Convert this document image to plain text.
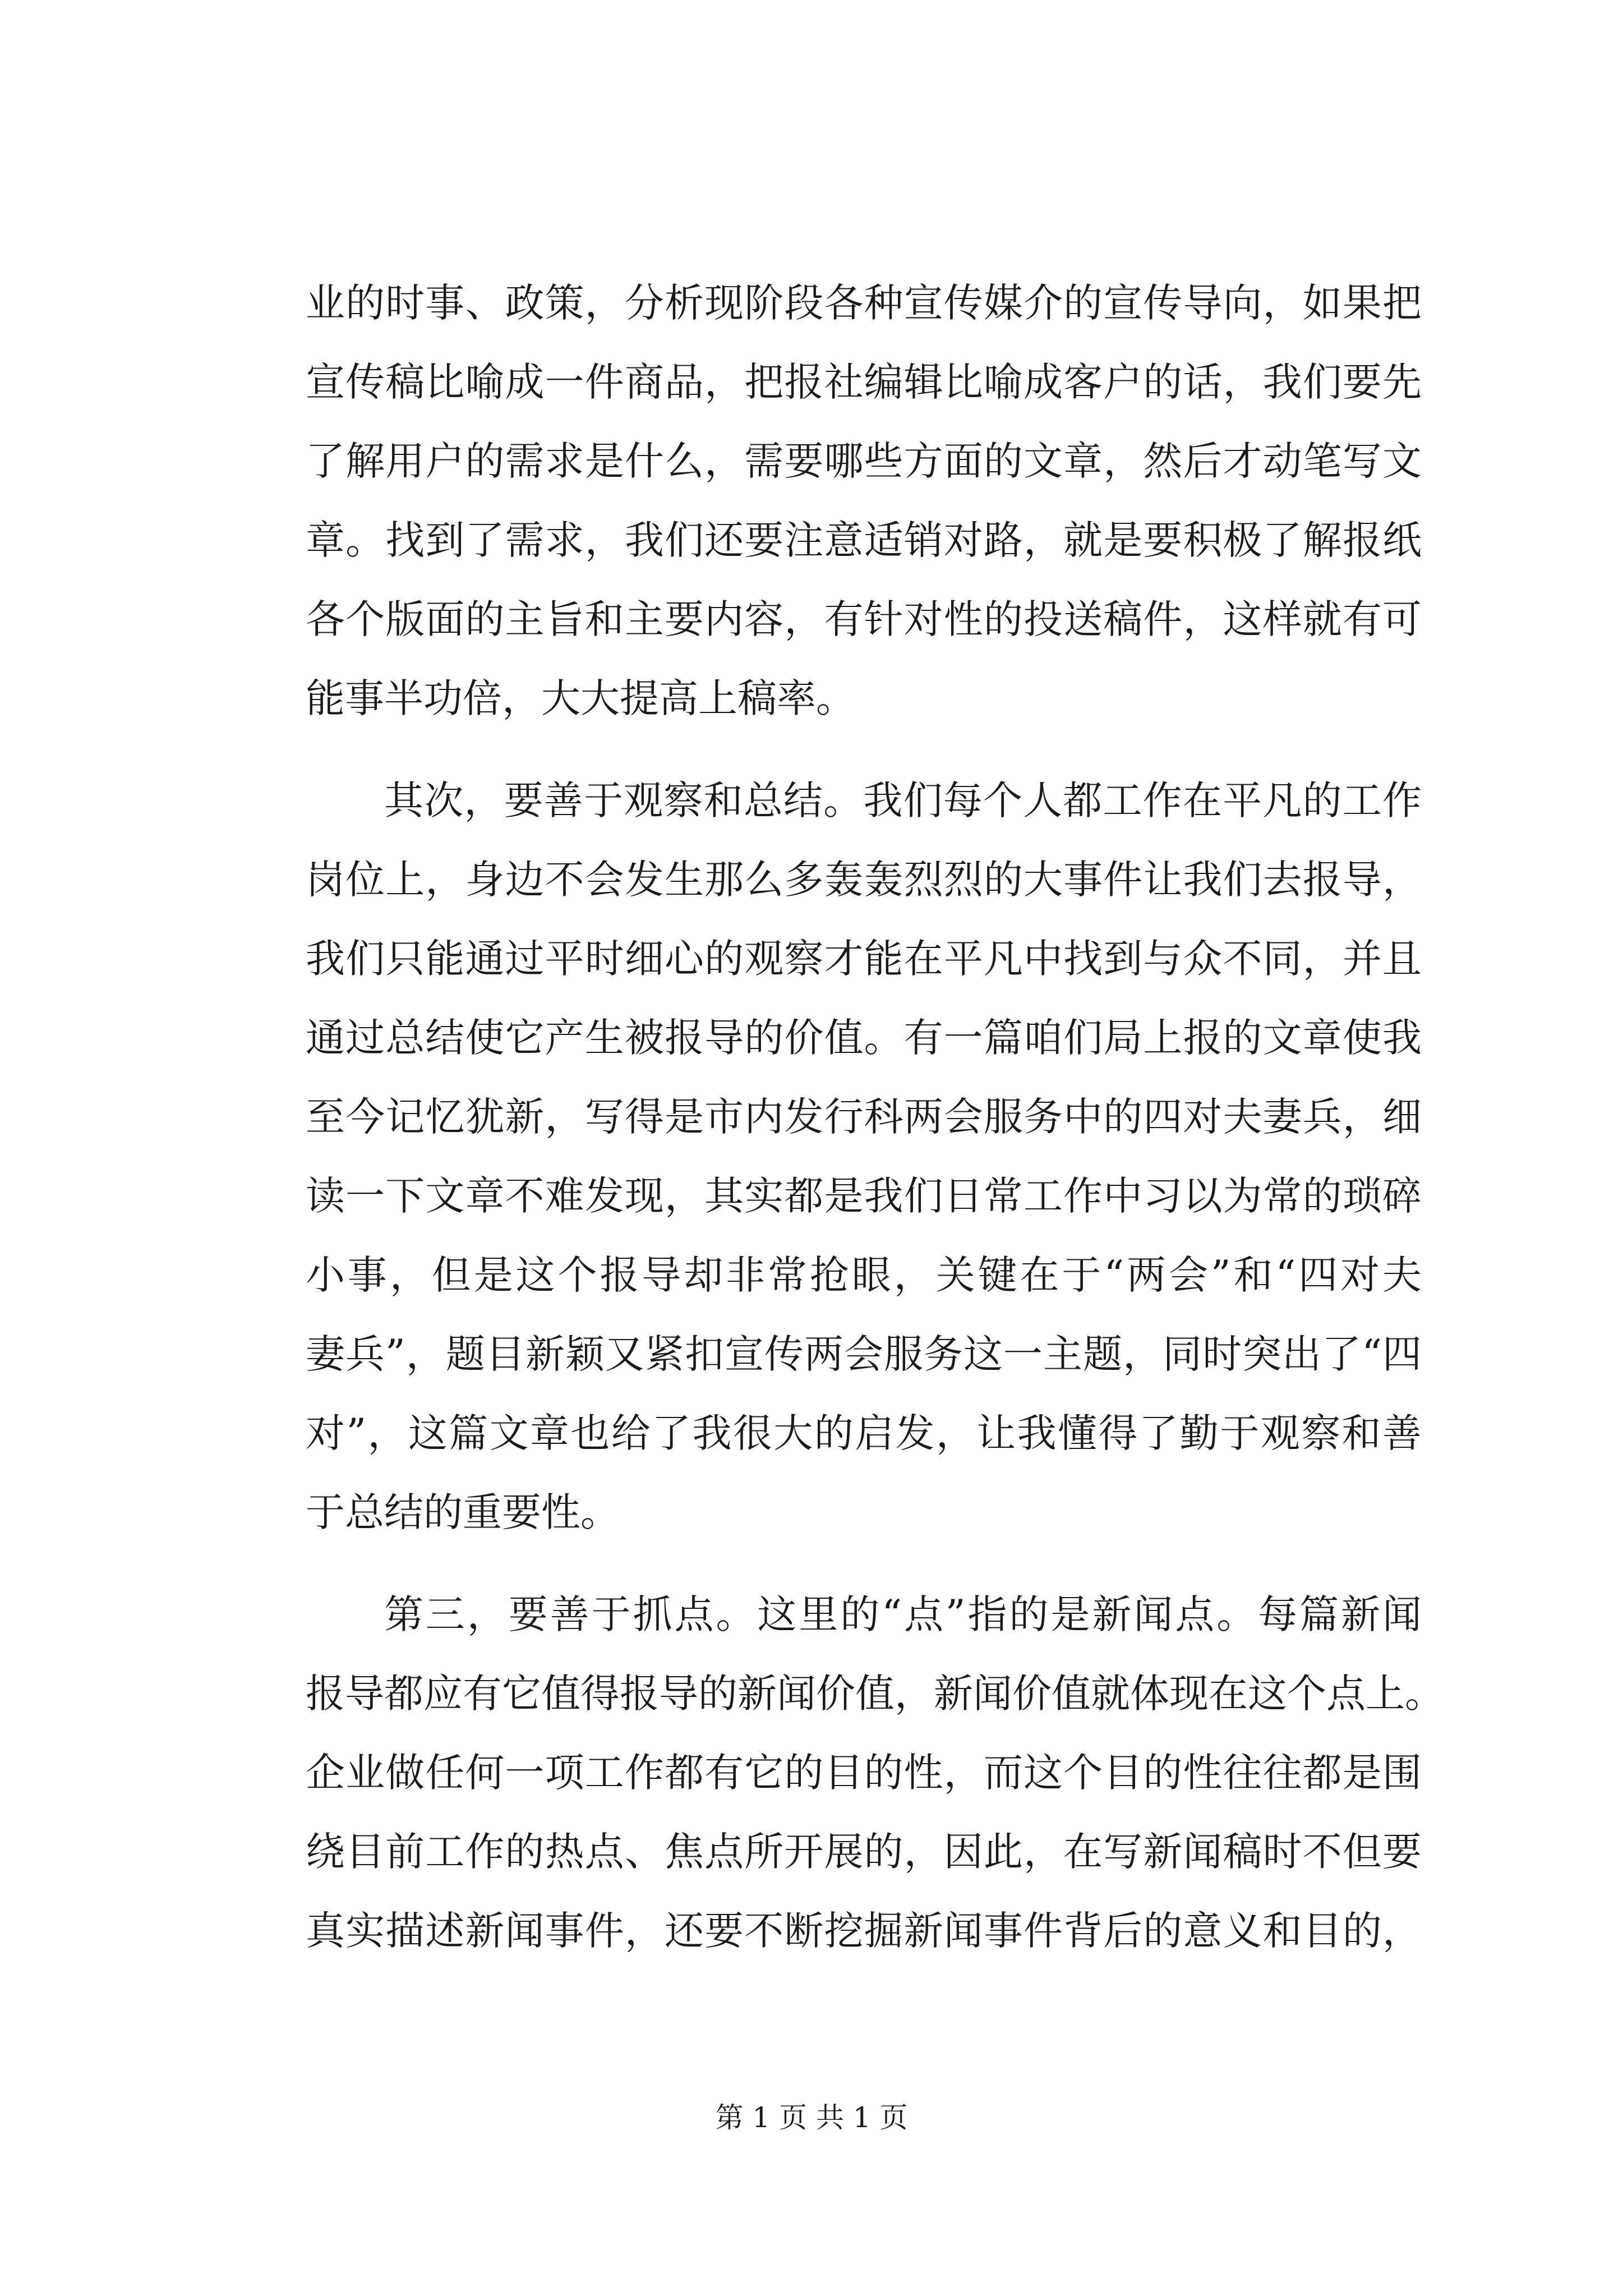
业的时事、政策，分析现阶段各种宣传媒介的宣传导向，如果把
宣传稿比喻成一件商品，把报社编辑比喻成客户的话，我们要先
了解用户的需求是什么，需要哪些方面的文章，然后才动笔写文
章。找到了需求，我们还要注意适销对路，就是要积极了解报纸
各个版面的主旨和主要内容，有针对性的投送稿件，这样就有可
能事半功倍，大大提高上稿率。
其次，要善于观察和总结。我们每个人都工作在平凡的工作
岗位上，身边不会发生那么多轰轰烈烈的大事件让我们去报导，
我们只能通过平时细心的观察才能在平凡中找到与众不同，并且
通过总结使它产生被报导的价值。有一篇咱们局上报的文章使我
至今记忆犹新，写得是市内发行科两会服务中的四对夫妻兵，细
读一下文章不难发现，其实都是我们日常工作中习以为常的琐碎
小事，但是这个报导却非常抢眼，关键在于“两会”和“四对夫
妻兵”，题目新颖又紧扣宣传两会服务这一主题，同时突出了“四
对”，这篇文章也给了我很大的启发，让我懂得了勤于观察和善
于总结的重要性。
第三，要善于抓点。这里的“点”指的是新闻点。每篇新闻
报导都应有它值得报导的新闻价值，新闻价值就体现在这个点上。
企业做任何一项工作都有它的目的性，而这个目的性往往都是围
绕目前工作的热点、焦点所开展的，因此，在写新闻稿时不但要
真实描述新闻事件，还要不断挖掘新闻事件背后的意义和目的，
第 1 页 共 1 页
